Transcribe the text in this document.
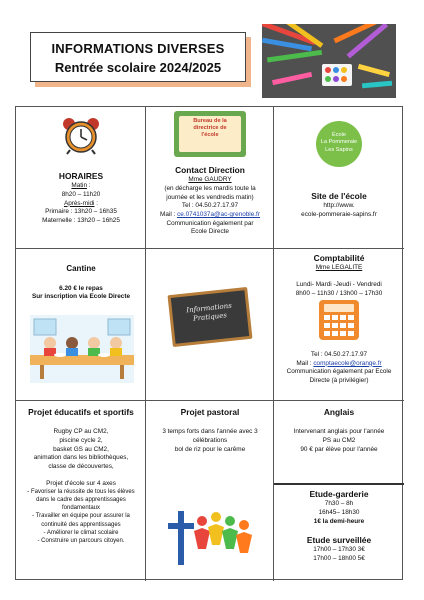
INFORMATIONS DIVERSES
Rentrée scolaire 2024/2025
HORAIRES
Matin :
8h20 – 11h20
Après-midi :
Primaire : 13h20 – 16h35
Maternelle : 13h20 – 16h25
Bureau de la
directrice de
l'école
Contact Direction
Mme GAUDRY
(en décharge les mardis toute la
journée et les vendredis matin)
Tel : 04.50.27.17.97
Mail : ce.0741037a@ac-grenoble.fr
Communication également par
Ecole Directe
École
La Pommeraie
Les Sapins
Site de l'école
http://www.
ecole-pommeraie-sapins.fr
Cantine
6.20 € le repas
Sur inscription via Ecole Directe
Informations
Pratiques
Comptabilité
Mme LEGALITE
Lundi- Mardi -Jeudi - Vendredi
8h00 – 11h30 / 13h00 – 17h30
Tel : 04.50.27.17.97
Mail : comptaecole@orange.fr
Communication également par Ecole
Directe (à privilégier)
Projet éducatifs et sportifs
Rugby CP au CM2,
piscine cycle 2,
basket GS au CM2,
animation dans les bibliothèques,
classe de découvertes,
Projet d'école sur 4 axes
- Favoriser la réussite de tous les élèves
dans le cadre des apprentissages
fondamentaux
- Travailler en équipe pour assurer la
continuité des apprentissages
- Améliorer le climat scolaire
- Construire un parcours citoyen.
Projet pastoral
3 temps forts dans l'année avec 3
célébrations
bol de riz pour le carême
Anglais
Intervenant anglais pour l'année
PS au CM2
90 € par élève pour l'année
Etude-garderie
7h30 – 8h
16h45– 18h30
1€ la demi-heure
Etude surveillée
17h00 – 17h30 3€
17h00 – 18h00 5€
